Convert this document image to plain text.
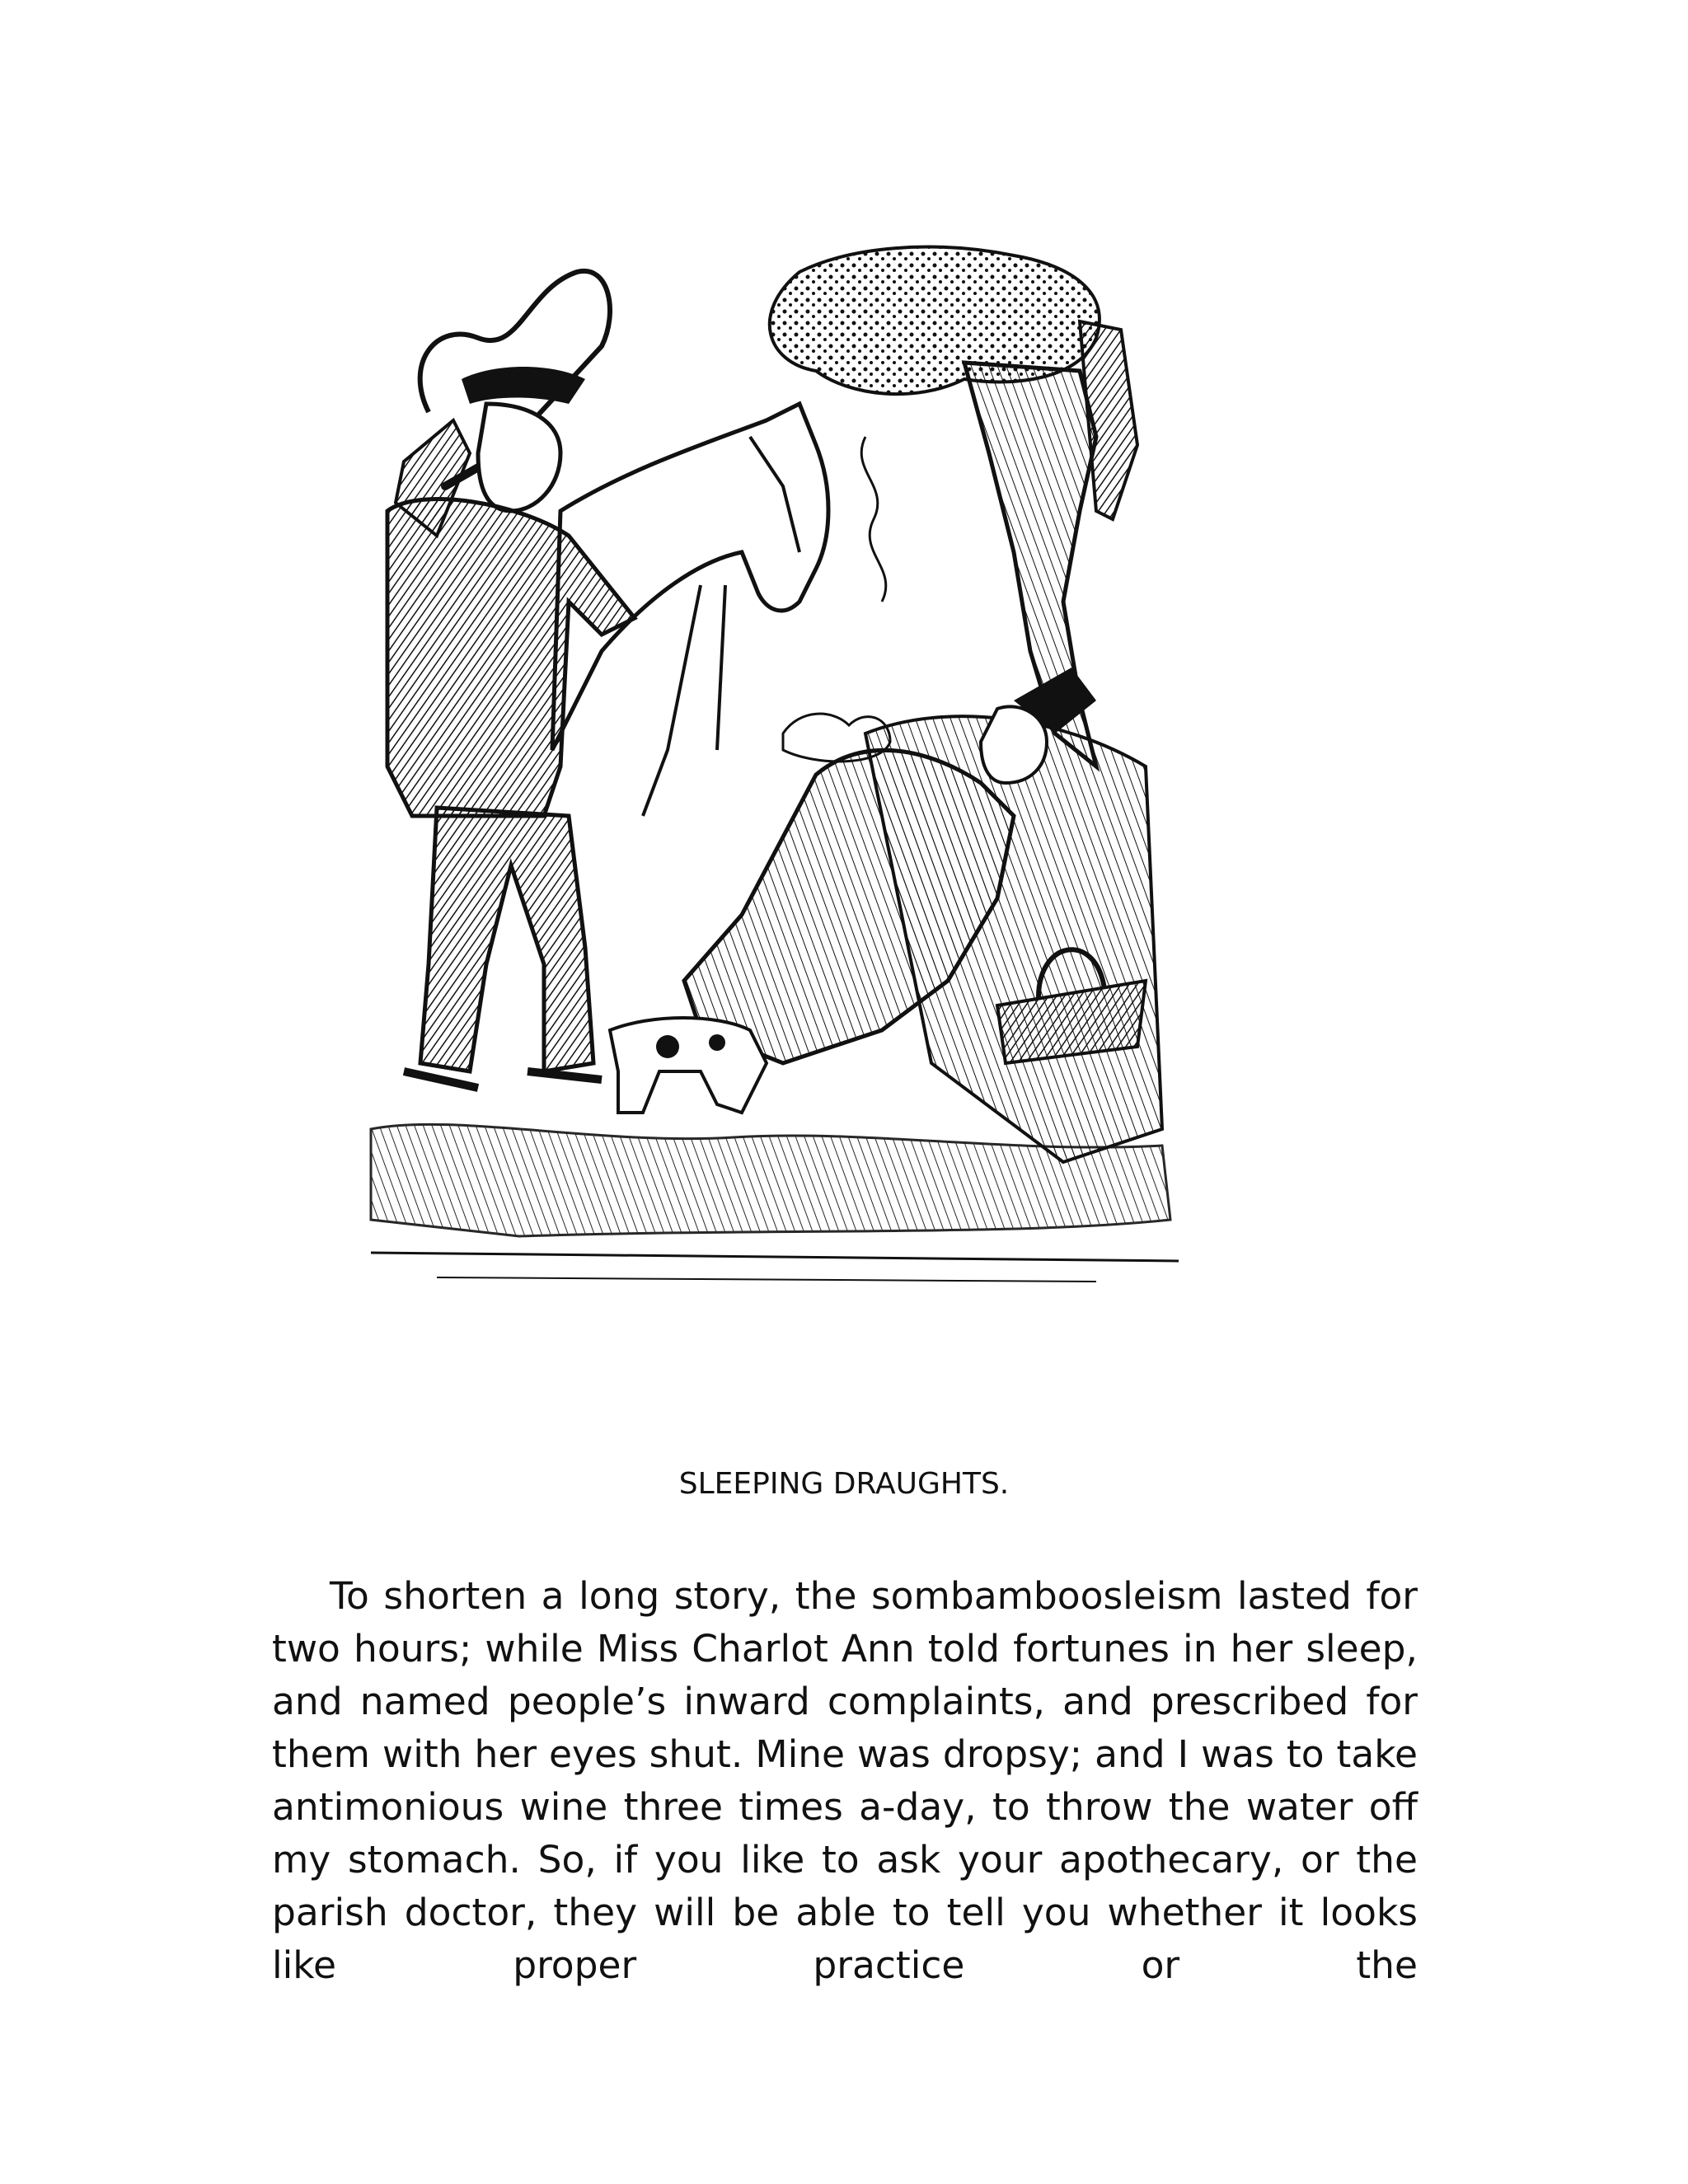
SLEEPING DRAUGHTS.

To shorten a long story, the sombamboosleism lasted for two hours; while Miss Charlot Ann told fortunes in her sleep, and named people’s inward complaints, and prescribed for them with her eyes shut. Mine was dropsy; and I was to take antimonious wine three times a-day, to throw the water off my stomach. So, if you like to ask your apothecary, or the parish doctor, they will be able to tell you whether it looks like proper practice or the
